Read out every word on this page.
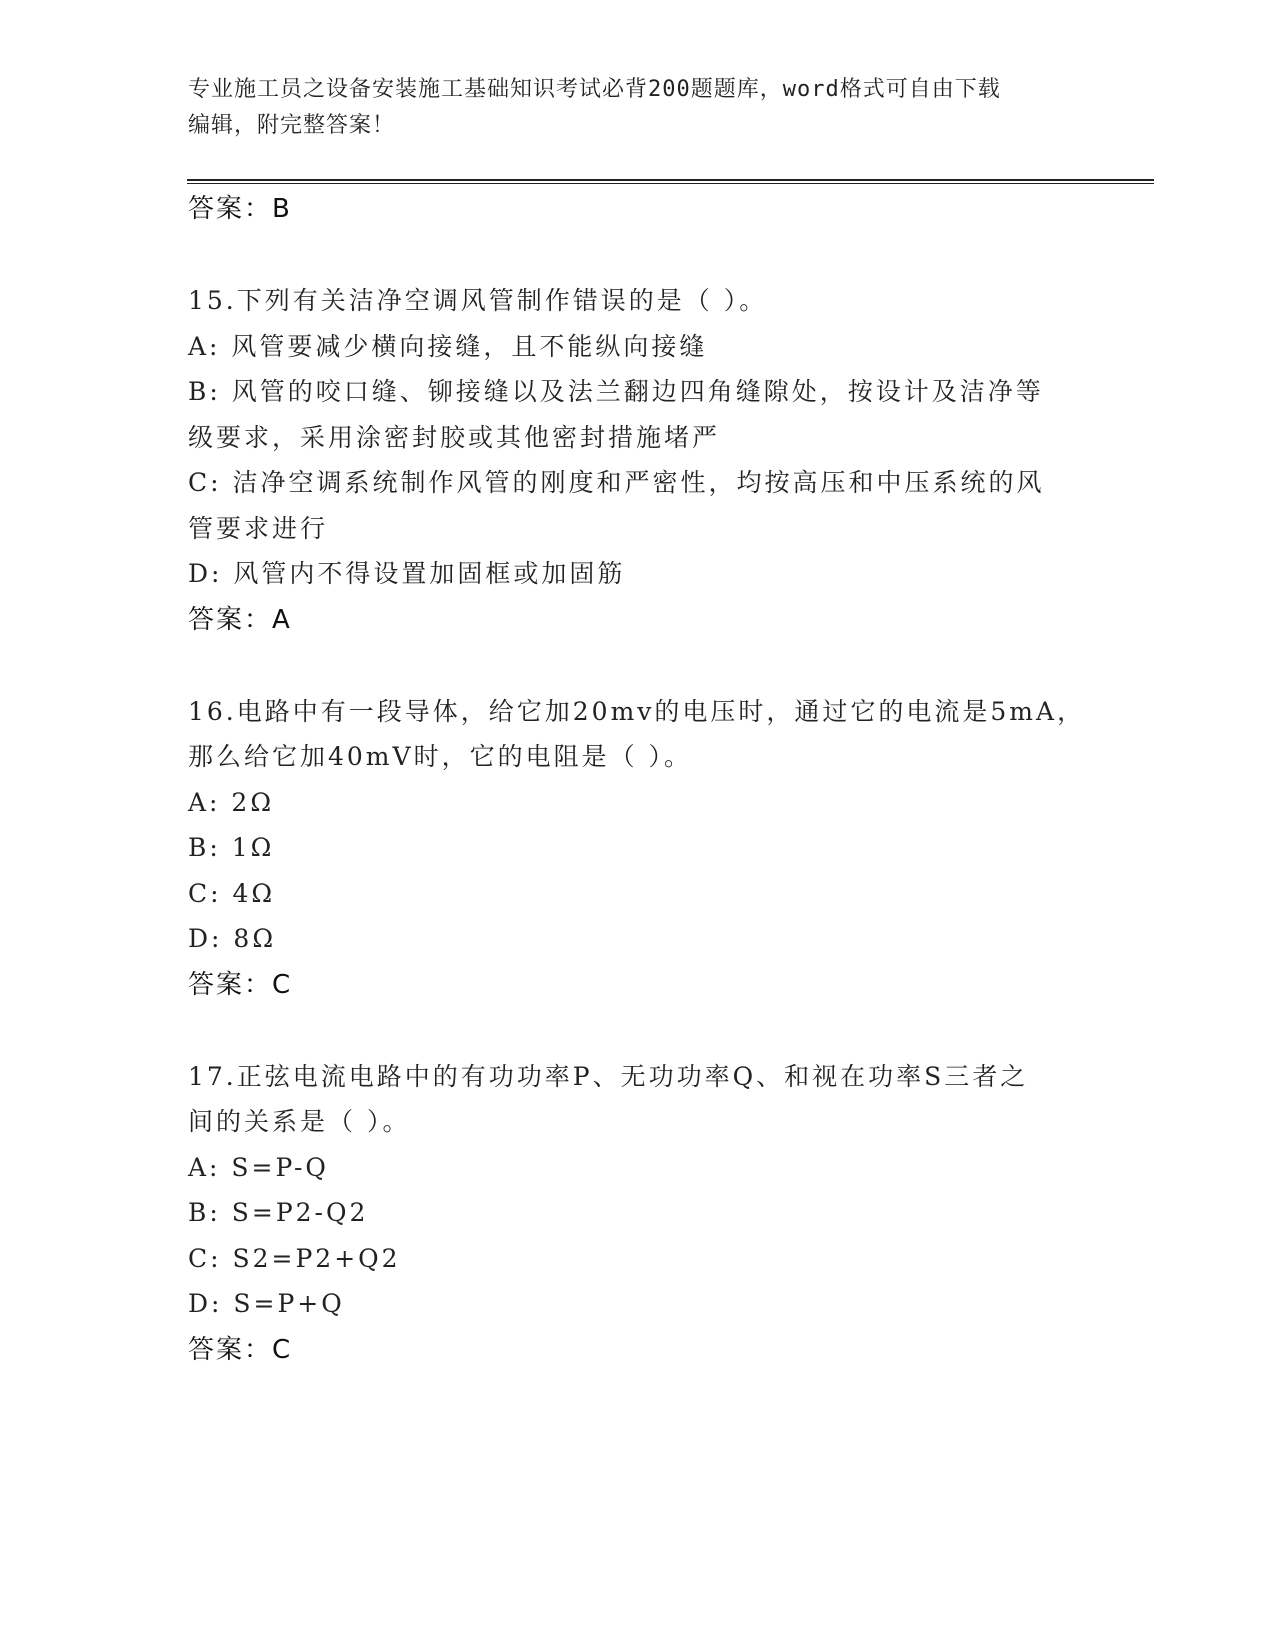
专业施工员之设备安装施工基础知识考试必背200题题库，word格式可自由下载
编辑，附完整答案！
答案：B
15.下列有关洁净空调风管制作错误的是（ ）。
A: 风管要减少横向接缝，且不能纵向接缝
B: 风管的咬口缝、铆接缝以及法兰翻边四角缝隙处，按设计及洁净等
级要求，采用涂密封胶或其他密封措施堵严
C: 洁净空调系统制作风管的刚度和严密性，均按高压和中压系统的风
管要求进行
D: 风管内不得设置加固框或加固筋
答案：A
16.电路中有一段导体，给它加20mv的电压时，通过它的电流是5mA，
那么给它加40mV时，它的电阻是（ ）。
A: 2Ω
B: 1Ω
C: 4Ω
D: 8Ω
答案：C
17.正弦电流电路中的有功功率P、无功功率Q、和视在功率S三者之
间的关系是（ ）。
A: S=P-Q
B: S=P2-Q2
C: S2=P2+Q2
D: S=P+Q
答案：C
